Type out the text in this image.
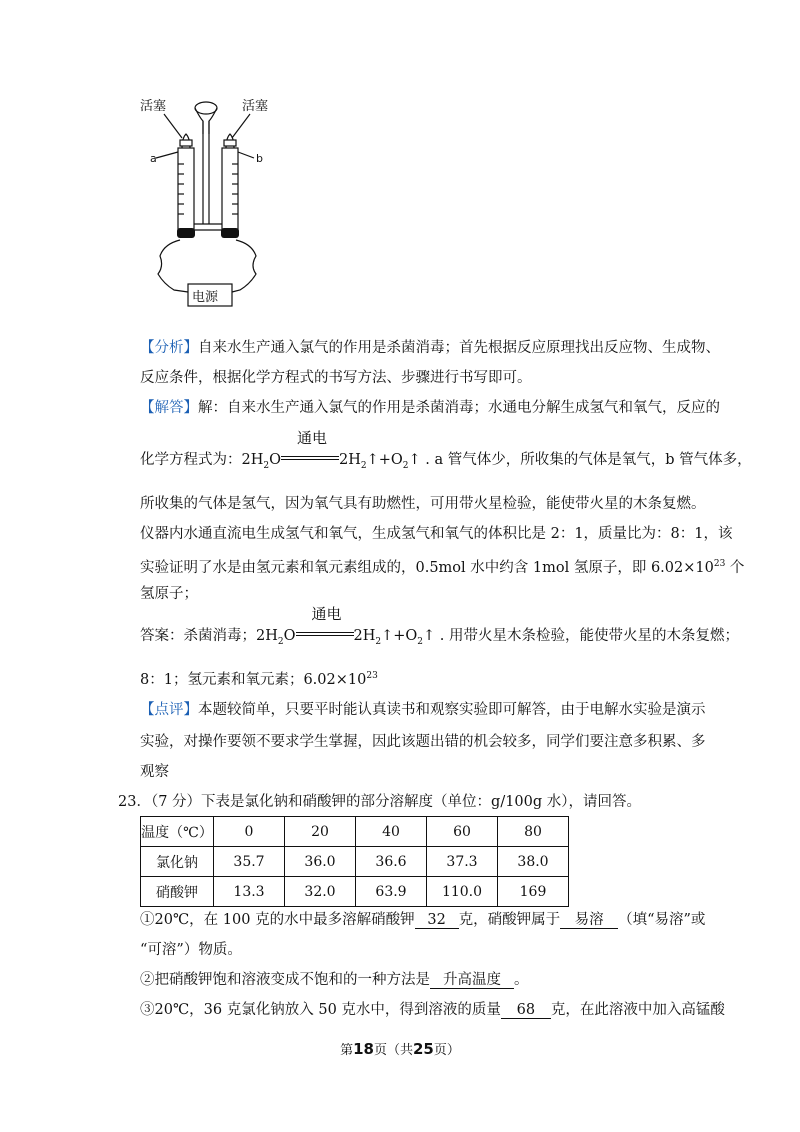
活塞	活塞
a	b
电源
【分析】自来水生产通入氯气的作用是杀菌消毒；首先根据反应原理找出反应物、生成物、
反应条件，根据化学方程式的书写方法、步骤进行书写即可。
【解答】解：自来水生产通入氯气的作用是杀菌消毒；水通电分解生成氢气和氧气，反应的
化学方程式为：$2H_2O$
通电
$2H_2↑+O_2↑$ . a 管气体少，所收集的气体是氧气，b 管气体多，
所收集的气体是氢气，因为氧气具有助燃性，可用带火星检验，能使带火星的木条复燃。
仪器内水通直流电生成氢气和氧气，生成氢气和氧气的体积比是 2：1，质量比为：8：1，该
实验证明了水是由氢元素和氧元素组成的，0.5mol 水中约含 1mol 氢原子，即 $6.02\times 10^{23}$ 个
氢原子；
答案：杀菌消毒；$2H_2O$
通电
$2H_2↑+O_2↑$ . 用带火星木条检验，能使带火星的木条复燃；
8：1；氢元素和氧元素；$6.02\times 10^{23}$
【点评】本题较简单，只要平时能认真读书和观察实验即可解答，由于电解水实验是演示
实验，对操作要领不要求学生掌握，因此该题出错的机会较多，同学们要注意多积累、多
观察
23．（7 分）下表是氯化钠和硝酸钾的部分溶解度（单位：g/100g 水），请回答。
温度（℃）	0	20	40	60	80
氯化钠	35.7	36.0	36.6	37.3	38.0
硝酸钾	13.3	32.0	63.9	110.0	169
①20℃，在 100 克的水中最多溶解硝酸钾 32 克，硝酸钾属于 易溶 （填“易溶”或
“可溶”）物质。
②把硝酸钾饱和溶液变成不饱和的一种方法是 升高温度 。
③20℃，36 克氯化钠放入 50 克水中，得到溶液的质量 68 克，在此溶液中加入高锰酸
第18页（共25页）
